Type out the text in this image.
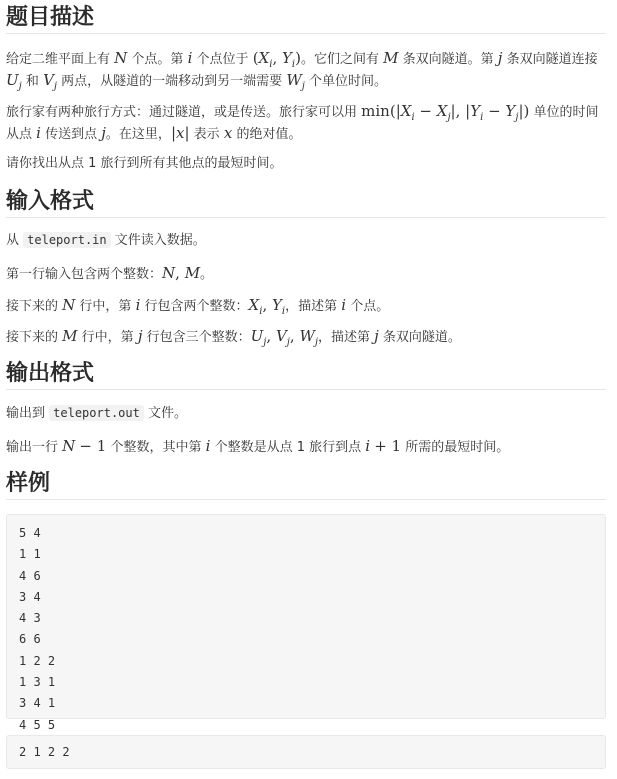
题目描述
给定二维平面上有 N 个点。第 i 个点位于 ($X_i$, $Y_i$)。它们之间有 M 条双向隧道。第 j 条双向隧道连接
$U_j$ 和 $V_j$ 两点，从隧道的一端移动到另一端需要 $W_j$ 个单位时间。
旅行家有两种旅行方式：通过隧道，或是传送。旅行家可以用 $\min(|X_i - X_j|$, $|Y_i - Y_j|$) 单位的时间
从点 i 传送到点 j。在这里，|x| 表示 x 的绝对值。
请你找出从点 1 旅行到所有其他点的最短时间。
输入格式
从 teleport.in 文件读入数据。
第一行输入包含两个整数：N, M。
接下来的 N 行中，第 i 行包含两个整数：$X_i$, $Y_i$，描述第 i 个点。
接下来的 M 行中，第 j 行包含三个整数：$U_j$, $V_j$, $W_j$，描述第 j 条双向隧道。
输出格式
输出到 teleport.out 文件。
输出一行 N − 1 个整数，其中第 i 个整数是从点 1 旅行到点 i + 1 所需的最短时间。
样例
5 4
1 1
4 6
3 4
4 3
6 6
1 2 2
1 3 1
3 4 1
4 5 5
2 1 2 2
